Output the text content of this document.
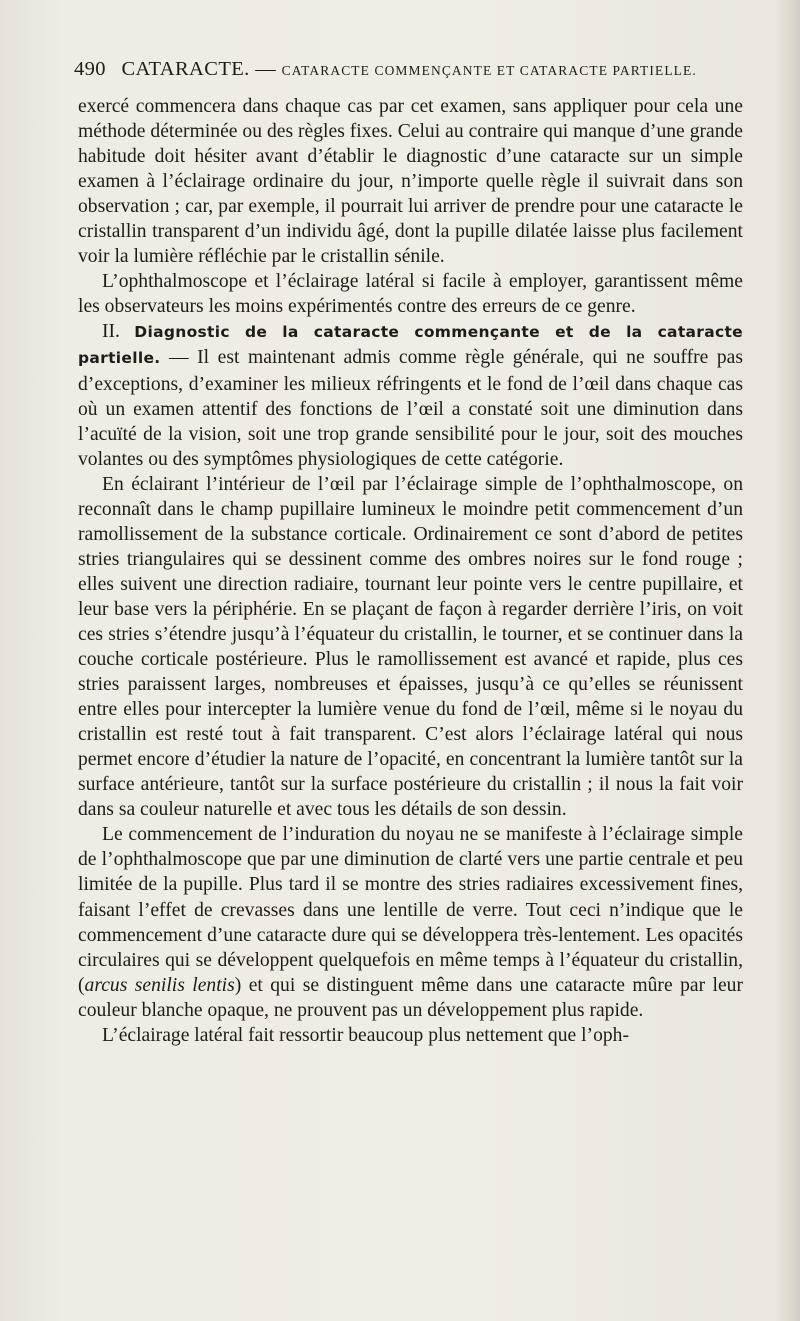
490 CATARACTE. — CATARACTE COMMENÇANTE ET CATARACTE PARTIELLE.

exercé commencera dans chaque cas par cet examen, sans appliquer pour cela une méthode déterminée ou des règles fixes. Celui au contraire qui manque d’une grande habitude doit hésiter avant d’établir le diagnostic d’une cataracte sur un simple examen à l’éclairage ordinaire du jour, n’importe quelle règle il suivrait dans son observation ; car, par exemple, il pourrait lui arriver de prendre pour une cataracte le cristallin transparent d’un individu âgé, dont la pupille dilatée laisse plus facilement voir la lumière réfléchie par le cristallin sénile.

L’ophthalmoscope et l’éclairage latéral si facile à employer, garantissent même les observateurs les moins expérimentés contre des erreurs de ce genre.

II. Diagnostic de la cataracte commençante et de la cataracte partielle. — Il est maintenant admis comme règle générale, qui ne souffre pas d’exceptions, d’examiner les milieux réfringents et le fond de l’œil dans chaque cas où un examen attentif des fonctions de l’œil a constaté soit une diminution dans l’acuïté de la vision, soit une trop grande sensibilité pour le jour, soit des mouches volantes ou des symptômes physiologiques de cette catégorie.

En éclairant l’intérieur de l’œil par l’éclairage simple de l’ophthalmoscope, on reconnaît dans le champ pupillaire lumineux le moindre petit commencement d’un ramollissement de la substance corticale. Ordinairement ce sont d’abord de petites stries triangulaires qui se dessinent comme des ombres noires sur le fond rouge ; elles suivent une direction radiaire, tournant leur pointe vers le centre pupillaire, et leur base vers la périphérie. En se plaçant de façon à regarder derrière l’iris, on voit ces stries s’étendre jusqu’à l’équateur du cristallin, le tourner, et se continuer dans la couche corticale postérieure. Plus le ramollissement est avancé et rapide, plus ces stries paraissent larges, nombreuses et épaisses, jusqu’à ce qu’elles se réunissent entre elles pour intercepter la lumière venue du fond de l’œil, même si le noyau du cristallin est resté tout à fait transparent. C’est alors l’éclairage latéral qui nous permet encore d’étudier la nature de l’opacité, en concentrant la lumière tantôt sur la surface antérieure, tantôt sur la surface postérieure du cristallin ; il nous la fait voir dans sa couleur naturelle et avec tous les détails de son dessin.

Le commencement de l’induration du noyau ne se manifeste à l’éclairage simple de l’ophthalmoscope que par une diminution de clarté vers une partie centrale et peu limitée de la pupille. Plus tard il se montre des stries radiaires excessivement fines, faisant l’effet de crevasses dans une lentille de verre. Tout ceci n’indique que le commencement d’une cataracte dure qui se développera très-lentement. Les opacités circulaires qui se développent quelquefois en même temps à l’équateur du cristallin, (arcus senilis lentis) et qui se distinguent même dans une cataracte mûre par leur couleur blanche opaque, ne prouvent pas un développement plus rapide.

L’éclairage latéral fait ressortir beaucoup plus nettement que l’oph-
